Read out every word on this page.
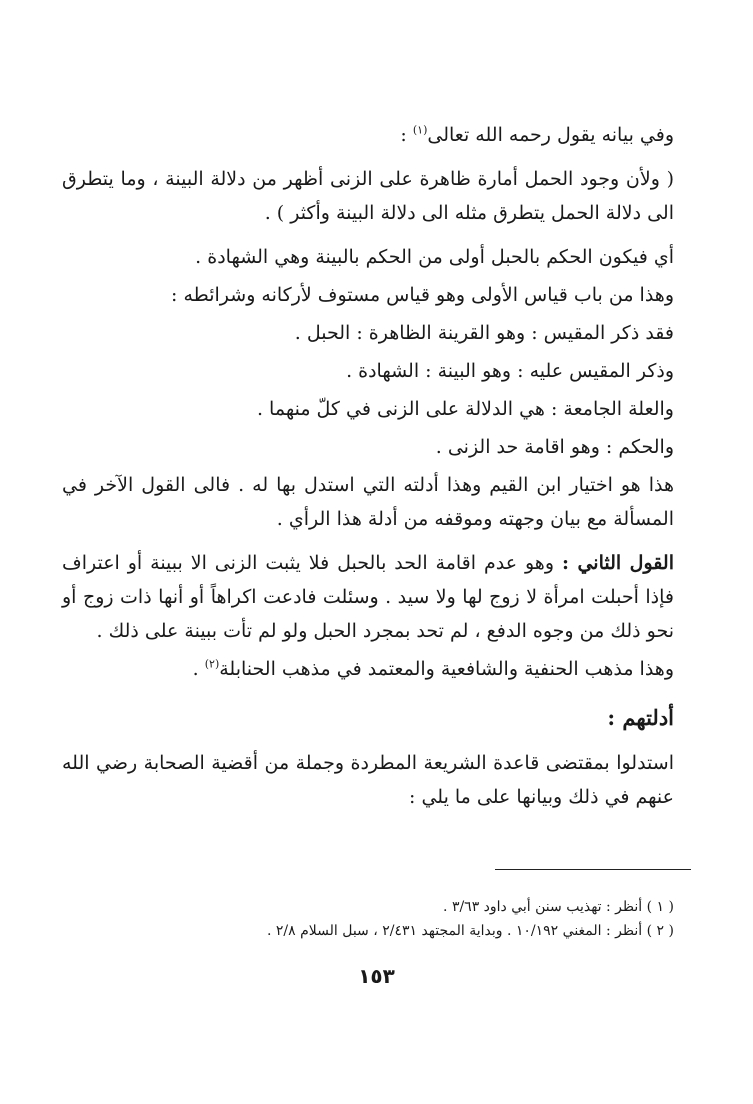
وفي بيانه يقول رحمه الله تعالى$^{(١)}$ :

( ولأن وجود الحمل أمارة ظاهرة على الزنى أظهر من دلالة البينة ، وما يتطرق الى دلالة الحمل يتطرق مثله الى دلالة البينة وأكثر ) .

أي فيكون الحكم بالحبل أولى من الحكم بالبينة وهي الشهادة .

وهذا من باب قياس الأولى وهو قياس مستوف لأركانه وشرائطه :

فقد ذكر المقيس : وهو القرينة الظاهرة : الحبل .

وذكر المقيس عليه : وهو البينة : الشهادة .

والعلة الجامعة : هي الدلالة على الزنى في كلّ منهما .

والحكم : وهو اقامة حد الزنى .

هذا هو اختيار ابن القيم وهذا أدلته التي استدل بها له . فالى القول الآخر في المسألة مع بيان وجهته وموقفه من أدلة هذا الرأي .

القول الثاني : وهو عدم اقامة الحد بالحبل فلا يثبت الزنى الا ببينة أو اعتراف فإذا أحبلت امرأة لا زوج لها ولا سيد . وسئلت فادعت اكراهاً أو أنها ذات زوج أو نحو ذلك من وجوه الدفع ، لم تحد بمجرد الحبل ولو لم تأت ببينة على ذلك .

وهذا مذهب الحنفية والشافعية والمعتمد في مذهب الحنابلة$^{(٢)}$ .

أدلتهم :

استدلوا بمقتضى قاعدة الشريعة المطردة وجملة من أقضية الصحابة رضي الله عنهم في ذلك وبيانها على ما يلي :

( ١ ) أنظر : تهذيب سنن أبي داود ٣/٦٣ .

( ٢ ) أنظر : المغني ١٠/١٩٢ . وبداية المجتهد ٢/٤٣١ ، سبل السلام ٢/٨ .

١٥٣
